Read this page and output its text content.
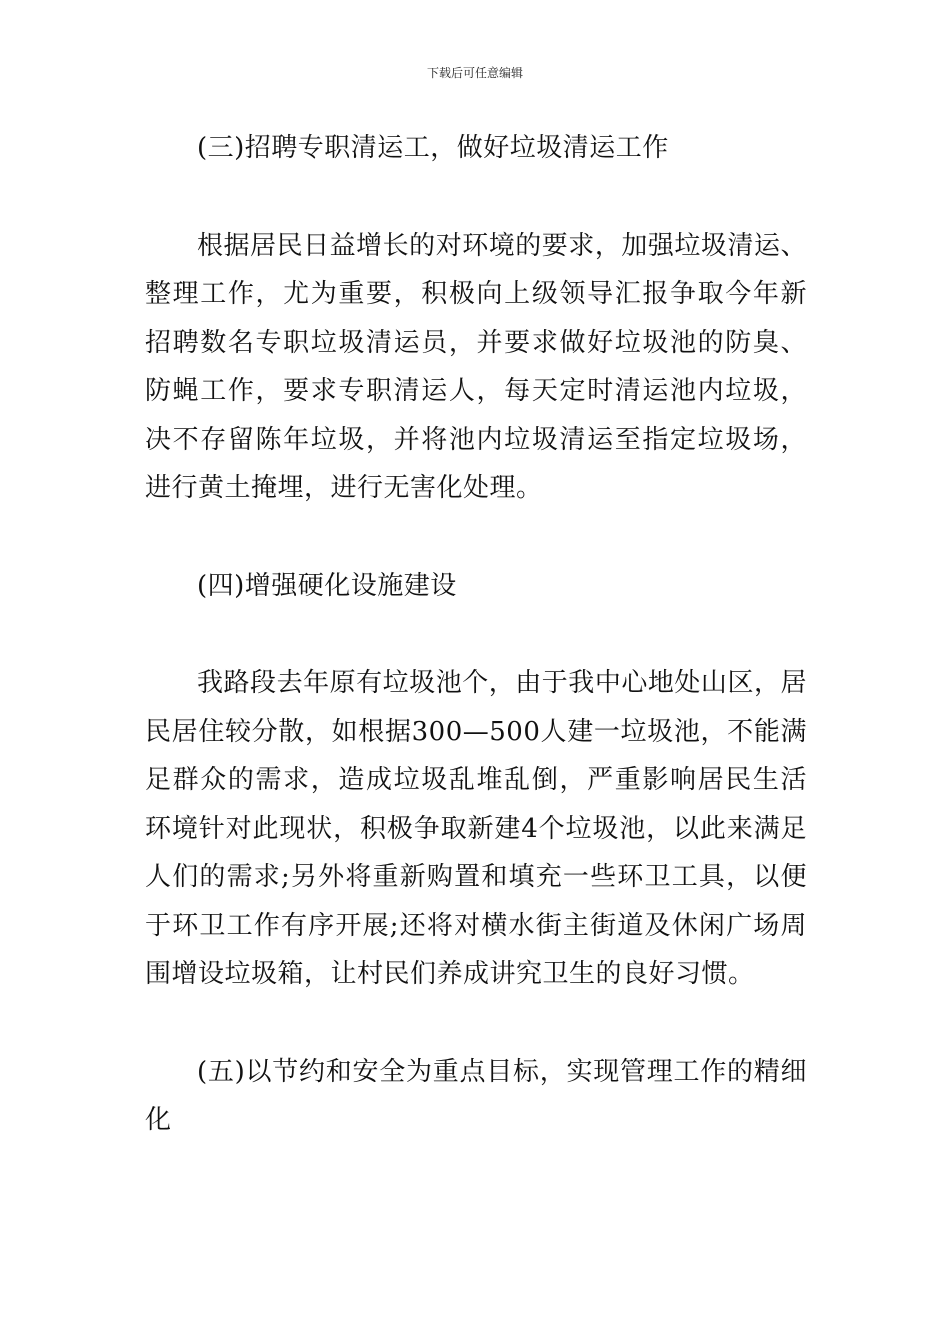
下载后可任意编辑

(三)招聘专职清运工，做好垃圾清运工作

根据居民日益增长的对环境的要求，加强垃圾清运、整理工作，尤为重要，积极向上级领导汇报争取今年新招聘数名专职垃圾清运员，并要求做好垃圾池的防臭、防蝇工作，要求专职清运人，每天定时清运池内垃圾，决不存留陈年垃圾，并将池内垃圾清运至指定垃圾场，进行黄土掩埋，进行无害化处理。

(四)增强硬化设施建设

我路段去年原有垃圾池个，由于我中心地处山区，居民居住较分散，如根据300—500人建一垃圾池，不能满足群众的需求，造成垃圾乱堆乱倒，严重影响居民生活环境针对此现状，积极争取新建4个垃圾池，以此来满足人们的需求;另外将重新购置和填充一些环卫工具，以便于环卫工作有序开展;还将对横水街主街道及休闲广场周围增设垃圾箱，让村民们养成讲究卫生的良好习惯。

(五)以节约和安全为重点目标，实现管理工作的精细化
